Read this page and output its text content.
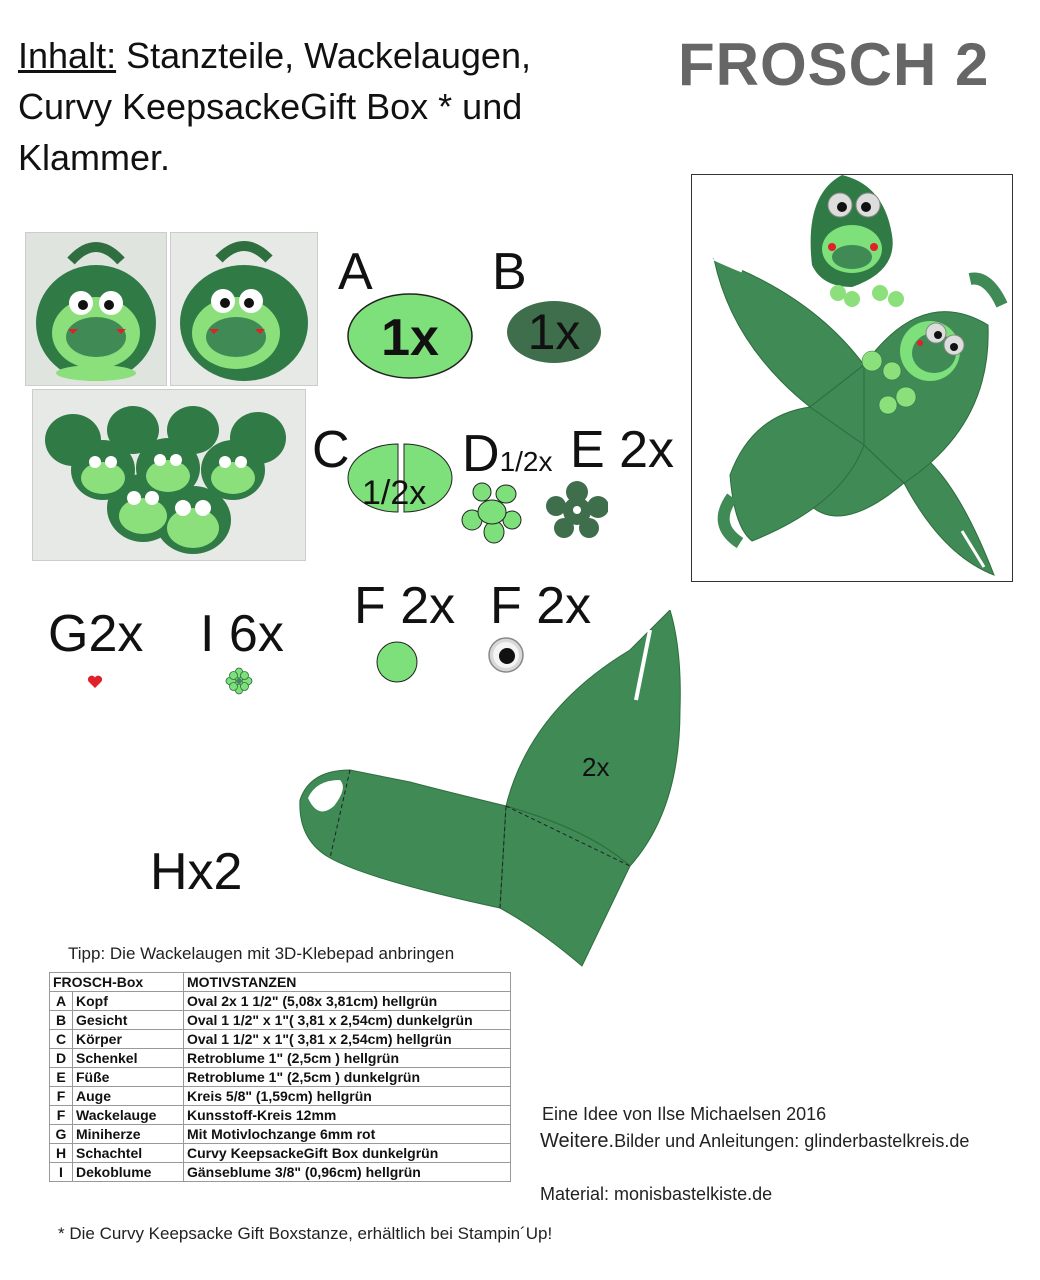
Inhalt: Stanzteile, Wackelaugen,
Curvy KeepsackeGift Box * und
Klammer.
FROSCH 2
A
1x
B
1x
C
1/2x
D1/2x E 2x
G2x I 6x F 2x F 2x
Hx2
2x
Tipp: Die Wackelaugen mit 3D-Klebepad anbringen
FROSCH-Box		MOTIVSTANZEN
A	Kopf	Oval 2x 1 1/2" (5,08x 3,81cm) hellgrün
B	Gesicht	Oval 1 1/2" x 1"( 3,81 x 2,54cm) dunkelgrün
C	Körper	Oval 1 1/2" x 1"( 3,81 x 2,54cm) hellgrün
D	Schenkel	Retroblume 1" (2,5cm ) hellgrün
E	Füße	Retroblume 1" (2,5cm ) dunkelgrün
F	Auge	Kreis 5/8" (1,59cm) hellgrün
F	Wackelauge	Kunsstoff-Kreis 12mm
G	Miniherze	Mit Motivlochzange 6mm rot
H	Schachtel	Curvy KeepsackeGift Box dunkelgrün
I	Dekoblume	Gänseblume 3/8" (0,96cm) hellgrün
Eine Idee von Ilse Michaelsen 2016
Weitere.Bilder und Anleitungen: glinderbastelkreis.de
Material: monisbastelkiste.de
* Die Curvy Keepsacke Gift Boxstanze, erhältlich bei Stampin´Up!
